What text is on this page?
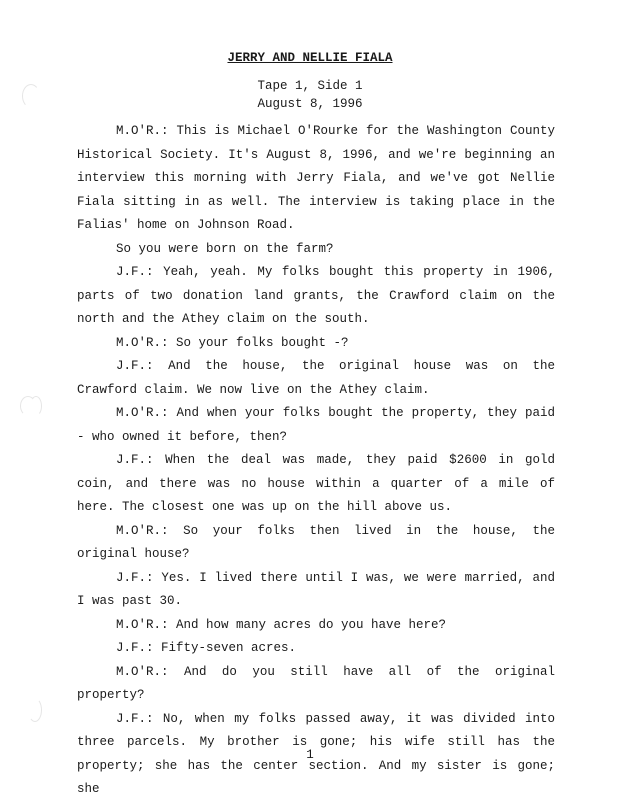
JERRY AND NELLIE FIALA
Tape 1, Side 1
August 8, 1996

M.O'R.: This is Michael O'Rourke for the Washington County Historical Society. It's August 8, 1996, and we're beginning an interview this morning with Jerry Fiala, and we've got Nellie Fiala sitting in as well. The interview is taking place in the Falias' home on Johnson Road.

So you were born on the farm?

J.F.: Yeah, yeah. My folks bought this property in 1906, parts of two donation land grants, the Crawford claim on the north and the Athey claim on the south.

M.O'R.: So your folks bought -?

J.F.: And the house, the original house was on the Crawford claim. We now live on the Athey claim.

M.O'R.: And when your folks bought the property, they paid - who owned it before, then?

J.F.: When the deal was made, they paid $2600 in gold coin, and there was no house within a quarter of a mile of here. The closest one was up on the hill above us.

M.O'R.: So your folks then lived in the house, the original house?

J.F.: Yes. I lived there until I was, we were married, and I was past 30.

M.O'R.: And how many acres do you have here?

J.F.: Fifty-seven acres.

M.O'R.: And do you still have all of the original property?

J.F.: No, when my folks passed away, it was divided into three parcels. My brother is gone; his wife still has the property; she has the center section. And my sister is gone; she

1
